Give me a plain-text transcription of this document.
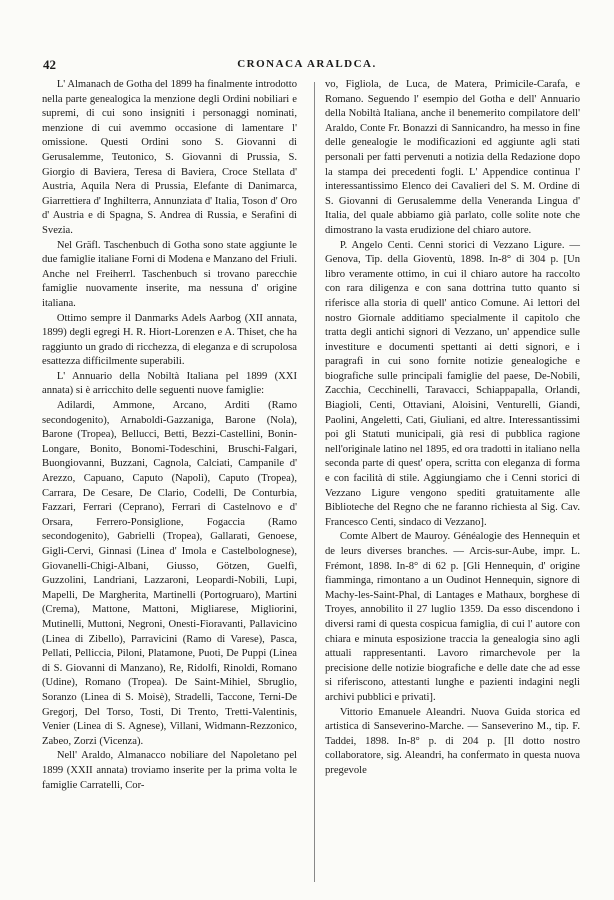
42	CRONACA ARALDCA.

L' Almanach de Gotha del 1899 ha finalmente introdotto nella parte genealogica la menzione degli Ordini nobiliari e supremi, di cui sono insigniti i personaggi nominati, menzione di cui avemmo occasione di lamentare l' omissione. Questi Ordini sono S. Giovanni di Gerusalemme, Teutonico, S. Giovanni di Prussia, S. Giorgio di Baviera, Teresa di Baviera, Croce Stellata d' Austria, Aquila Nera di Prussia, Elefante di Danimarca, Giarrettiera d' Inghilterra, Annunziata d' Italia, Toson d' Oro d' Austria e di Spagna, S. Andrea di Russia, e Serafini di Svezia.

Nel Gräfl. Taschenbuch di Gotha sono state aggiunte le due famiglie italiane Forni di Modena e Manzano del Friuli. Anche nel Freiherrl. Taschenbuch si trovano parecchie famiglie nuovamente inserite, ma nessuna d' origine italiana.

Ottimo sempre il Danmarks Adels Aarbog (XII annata, 1899) degli egregi H. R. Hiort-Lorenzen e A. Thiset, che ha raggiunto un grado di ricchezza, di eleganza e di scrupolosa esattezza difficilmente superabili.

L' Annuario della Nobiltà Italiana pel 1899 (XXI annata) si è arricchito delle seguenti nuove famiglie:

Adilardi, Ammone, Arcano, Arditi (Ramo secondogenito), Arnaboldi-Gazzaniga, Barone (Nola), Barone (Tropea), Bellucci, Betti, Bezzi-Castellini, Bonin-Longare, Bonito, Bonomi-Todeschini, Bruschi-Falgari, Buongiovanni, Buzzani, Cagnola, Calciati, Campanile d' Arezzo, Capuano, Caputo (Napoli), Caputo (Tropea), Carrara, De Cesare, De Clario, Codelli, De Conturbia, Fazzari, Ferrari (Ceprano), Ferrari di Castelnovo e d' Orsara, Ferrero-Ponsiglione, Fogaccia (Ramo secondogenito), Gabrielli (Tropea), Gallarati, Genoese, Gigli-Cervi, Ginnasi (Linea d' Imola e Castelbolognese), Giovanelli-Chigi-Albani, Giusso, Götzen, Guelfi, Guzzolini, Landriani, Lazzaroni, Leopardi-Nobili, Lupi, Mapelli, De Margherita, Martinelli (Portogruaro), Martini (Crema), Mattone, Mattoni, Migliarese, Migliorini, Mutinelli, Muttoni, Negroni, Onesti-Fioravanti, Pallavicino (Linea di Zibello), Parravicini (Ramo di Varese), Pasca, Pellati, Pelliccia, Piloni, Platamone, Puoti, De Puppi (Linea di S. Giovanni di Manzano), Re, Ridolfi, Rinoldi, Romano (Udine), Romano (Tropea). De Saint-Mihiel, Sbruglio, Soranzo (Linea di S. Moisè), Stradelli, Taccone, Terni-De Gregorj, Del Torso, Tosti, Di Trento, Tretti-Valentinis, Venier (Linea di S. Agnese), Villani, Widmann-Rezzonico, Zabeo, Zorzi (Vicenza).

Nell' Araldo, Almanacco nobiliare del Napoletano pel 1899 (XXII annata) troviamo inserite per la prima volta le famiglie Carratelli, Cor-

vo, Figliola, de Luca, de Matera, Primicile-Carafa, e Romano. Seguendo l' esempio del Gotha e dell' Annuario della Nobiltà Italiana, anche il benemerito compilatore dell' Araldo, Conte Fr. Bonazzi di Sannicandro, ha messo in fine delle genealogie le modificazioni ed aggiunte agli stati personali per fatti pervenuti a notizia della Redazione dopo la stampa dei precedenti fogli. L' Appendice continua l' interessantissimo Elenco dei Cavalieri del S. M. Ordine di S. Giovanni di Gerusalemme della Veneranda Lingua d' Italia, del quale abbiamo già parlato, colle solite note che dimostrano la vasta erudizione del chiaro autore.

P. Angelo Centi. Cenni storici di Vezzano Ligure. — Genova, Tip. della Gioventù, 1898. In-8° di 304 p. [Un libro veramente ottimo, in cui il chiaro autore ha raccolto con rara diligenza e con sana dottrina tutto quanto si riferisce alla storia di quell' antico Comune. Ai lettori del nostro Giornale additiamo specialmente il capitolo che tratta degli antichi signori di Vezzano, un' appendice sulle investiture e documenti spettanti ai detti signori, e i paragrafi in cui sono fornite notizie genealogiche e biografiche sulle principali famiglie del paese, De-Nobili, Zacchia, Cecchinelli, Taravacci, Schiappapalla, Orlandi, Biagioli, Centi, Ottaviani, Aloisini, Venturelli, Giandi, Paolini, Angeletti, Cati, Giuliani, ed altre. Interessantissimi poi gli Statuti municipali, già resi di pubblica ragione nell'originale latino nel 1895, ed ora tradotti in italiano nella seconda parte di quest' opera, scritta con eleganza di forma e con facilità di stile. Aggiungiamo che i Cenni storici di Vezzano Ligure vengono spediti gratuitamente alle Biblioteche del Regno che ne faranno richiesta al Sig. Cav. Francesco Centi, sindaco di Vezzano].

Comte Albert de Mauroy. Généalogie des Hennequin et de leurs diverses branches. — Arcis-sur-Aube, impr. L. Frémont, 1898. In-8° di 62 p. [Gli Hennequin, d' origine fiamminga, rimontano a un Oudinot Hennequin, signore di Machy-les-Saint-Phal, di Lantages e Mathaux, borghese di Troyes, annobilito il 27 luglio 1359. Da esso discendono i diversi rami di questa cospicua famiglia, di cui l' autore con chiara e minuta esposizione traccia la genealogia sino agli attuali rappresentanti. Lavoro rimarchevole per la precisione delle notizie biografiche e delle date che ad esse si riferiscono, attestanti lunghe e pazienti indagini negli archivi pubblici e privati].

Vittorio Emanuele Aleandri. Nuova Guida storica ed artistica di Sanseverino-Marche. — Sanseverino M., tip. F. Taddei, 1898. In-8° p. di 204 p. [Il dotto nostro collaboratore, sig. Aleandri, ha confermato in questa nuova pregevole
